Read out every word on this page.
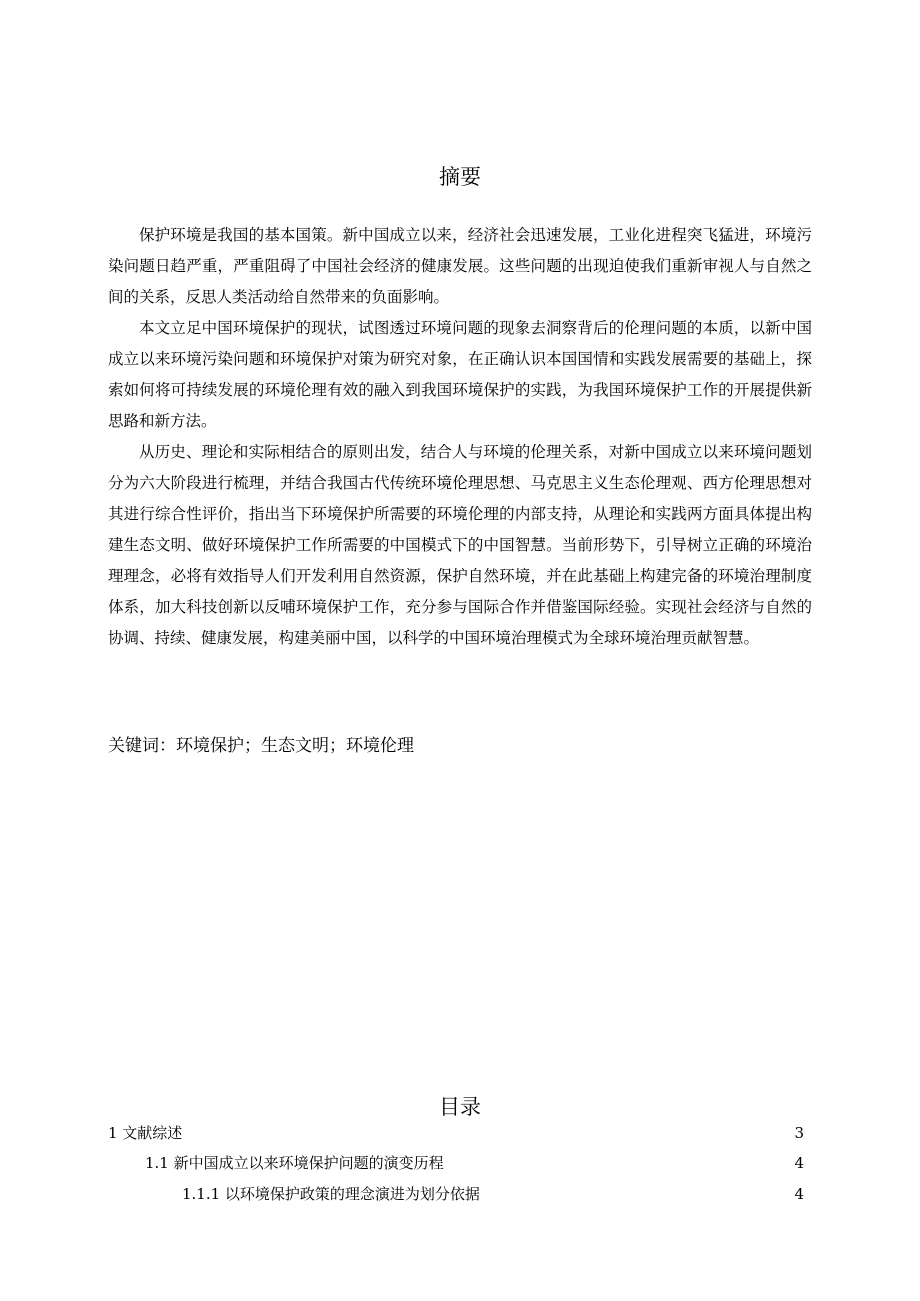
摘要

保护环境是我国的基本国策。新中国成立以来，经济社会迅速发展，工业化进程突飞猛进，环境污染问题日趋严重，严重阻碍了中国社会经济的健康发展。这些问题的出现迫使我们重新审视人与自然之间的关系，反思人类活动给自然带来的负面影响。

本文立足中国环境保护的现状，试图透过环境问题的现象去洞察背后的伦理问题的本质，以新中国成立以来环境污染问题和环境保护对策为研究对象，在正确认识本国国情和实践发展需要的基础上，探索如何将可持续发展的环境伦理有效的融入到我国环境保护的实践，为我国环境保护工作的开展提供新思路和新方法。

从历史、理论和实际相结合的原则出发，结合人与环境的伦理关系，对新中国成立以来环境问题划分为六大阶段进行梳理，并结合我国古代传统环境伦理思想、马克思主义生态伦理观、西方伦理思想对其进行综合性评价，指出当下环境保护所需要的环境伦理的内部支持，从理论和实践两方面具体提出构建生态文明、做好环境保护工作所需要的中国模式下的中国智慧。当前形势下，引导树立正确的环境治理理念，必将有效指导人们开发利用自然资源，保护自然环境，并在此基础上构建完备的环境治理制度体系，加大科技创新以反哺环境保护工作，充分参与国际合作并借鉴国际经验。实现社会经济与自然的协调、持续、健康发展，构建美丽中国，以科学的中国环境治理模式为全球环境治理贡献智慧。

关键词：环境保护；生态文明；环境伦理
目录
1 文献综述	3
1.1 新中国成立以来环境保护问题的演变历程	4
1.1.1 以环境保护政策的理念演进为划分依据	4
